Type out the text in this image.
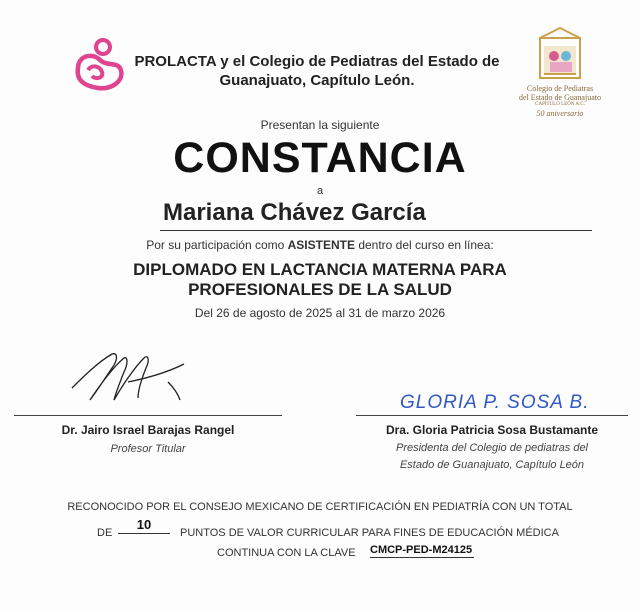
PROLACTA y el Colegio de Pediatras del Estado de
Guanajuato, Capítulo León.	Colegio de Pediatras
del Estado de Guanajuato
CAPÍTULO LEÓN A.C.
50 aniversario
Presentan la siguiente
CONSTANCIA
a
Mariana Chávez García
Por su participación como ASISTENTE dentro del curso en línea:
DIPLOMADO EN LACTANCIA MATERNA PARA
PROFESIONALES DE LA SALUD
Del 26 de agosto de 2025 al 31 de marzo 2026
Dr. Jairo Israel Barajas Rangel
Profesor Titular
GLORIA P. SOSA B.
Dra. Gloria Patricia Sosa Bustamante
Presidenta del Colegio de pediatras del
Estado de Guanajuato, Capítulo León
RECONOCIDO POR EL CONSEJO MEXICANO DE CERTIFICACIÓN EN PEDIATRÍA CON UN TOTAL
DE
10
PUNTOS DE VALOR CURRICULAR PARA FINES DE EDUCACIÓN MÉDICA
CONTINUA CON LA CLAVE CMCP-PED-M24125
